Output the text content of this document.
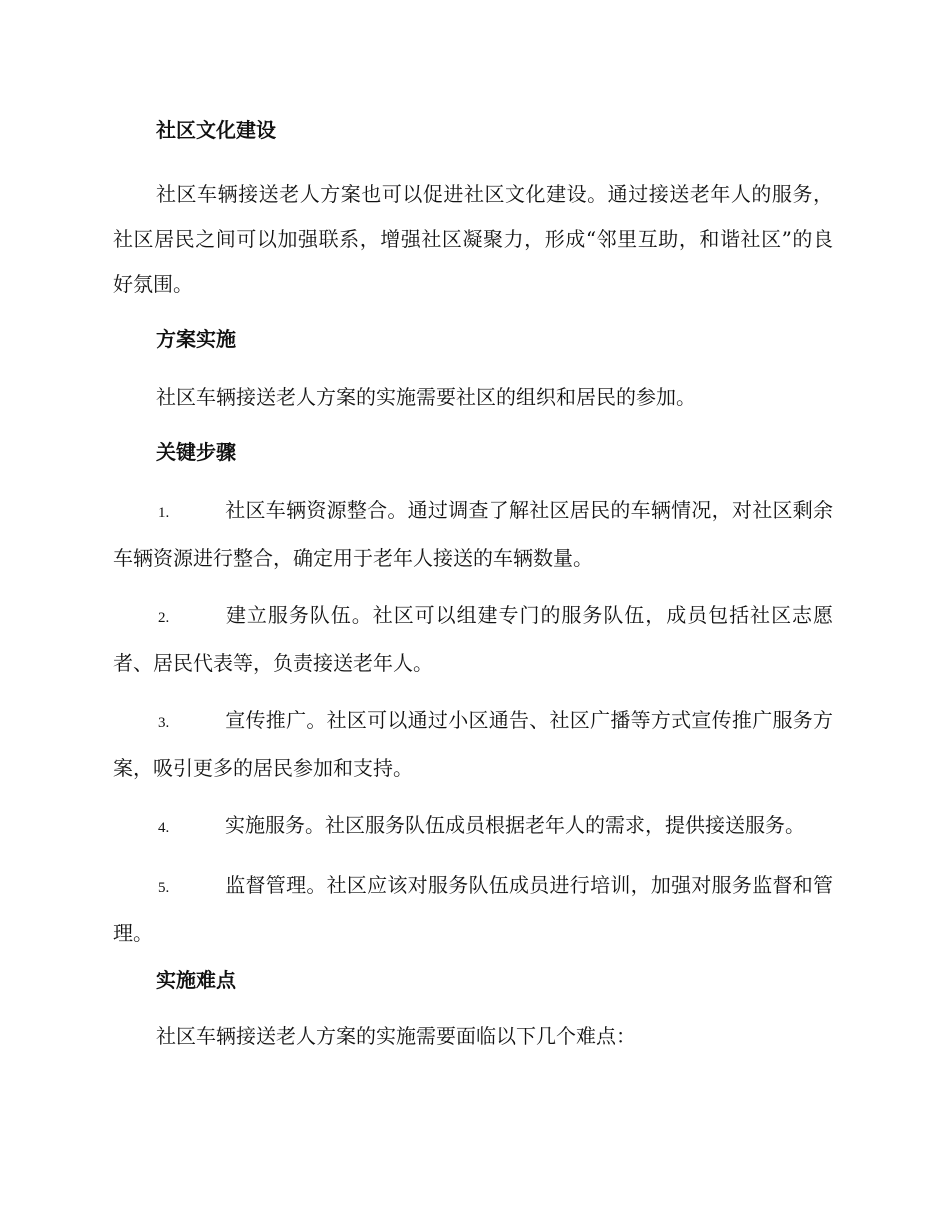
社区文化建设

社区车辆接送老人方案也可以促进社区文化建设。通过接送老年人的服务，社区居民之间可以加强联系，增强社区凝聚力，形成“邻里互助，和谐社区”的良好氛围。

方案实施

社区车辆接送老人方案的实施需要社区的组织和居民的参加。

关键步骤

1.	社区车辆资源整合。通过调查了解社区居民的车辆情况，对社区剩余车辆资源进行整合，确定用于老年人接送的车辆数量。

2.	建立服务队伍。社区可以组建专门的服务队伍，成员包括社区志愿者、居民代表等，负责接送老年人。

3.	宣传推广。社区可以通过小区通告、社区广播等方式宣传推广服务方案，吸引更多的居民参加和支持。

4.	实施服务。社区服务队伍成员根据老年人的需求，提供接送服务。

5.	监督管理。社区应该对服务队伍成员进行培训，加强对服务监督和管理。

实施难点

社区车辆接送老人方案的实施需要面临以下几个难点：
